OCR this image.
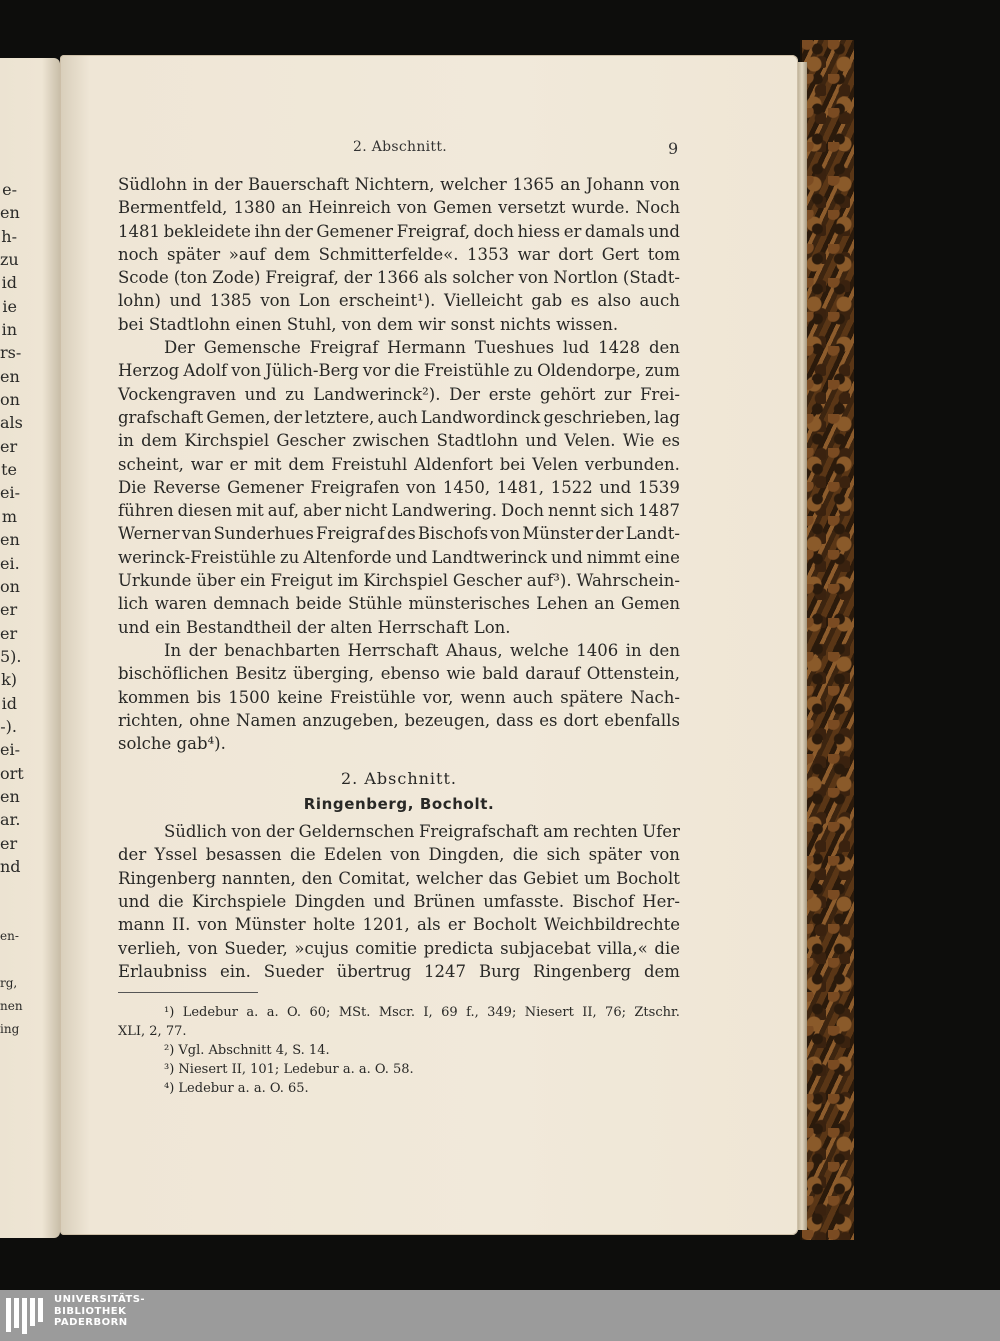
e-
en
h-
zu
id
ie
in
rs-
en
on
als
er
te
ei-
m
en
ei.
on
er
er
5).
k)
id
-).
ei-
ort
en
ar.
er
nd
en-
rg,
nen
ing
2. Abschnitt.	9
Südlohn in der Bauerschaft Nichtern, welcher 1365 an Johann von
Bermentfeld, 1380 an Heinreich von Gemen versetzt wurde. Noch
1481 bekleidete ihn der Gemener Freigraf, doch hiess er damals und
noch später »auf dem Schmitterfelde«. 1353 war dort Gert tom
Scode (ton Zode) Freigraf, der 1366 als solcher von Nortlon (Stadt-
lohn) und 1385 von Lon erscheint¹). Vielleicht gab es also auch
bei Stadtlohn einen Stuhl, von dem wir sonst nichts wissen.
Der Gemensche Freigraf Hermann Tueshues lud 1428 den
Herzog Adolf von Jülich-Berg vor die Freistühle zu Oldendorpe, zum
Vockengraven und zu Landwerinck²). Der erste gehört zur Frei-
grafschaft Gemen, der letztere, auch Landwordinck geschrieben, lag
in dem Kirchspiel Gescher zwischen Stadtlohn und Velen. Wie es
scheint, war er mit dem Freistuhl Aldenfort bei Velen verbunden.
Die Reverse Gemener Freigrafen von 1450, 1481, 1522 und 1539
führen diesen mit auf, aber nicht Landwering. Doch nennt sich 1487
Werner van Sunderhues Freigraf des Bischofs von Münster der Landt-
werinck-Freistühle zu Altenforde und Landtwerinck und nimmt eine
Urkunde über ein Freigut im Kirchspiel Gescher auf³). Wahrschein-
lich waren demnach beide Stühle münsterisches Lehen an Gemen
und ein Bestandtheil der alten Herrschaft Lon.
In der benachbarten Herrschaft Ahaus, welche 1406 in den
bischöflichen Besitz überging, ebenso wie bald darauf Ottenstein,
kommen bis 1500 keine Freistühle vor, wenn auch spätere Nach-
richten, ohne Namen anzugeben, bezeugen, dass es dort ebenfalls
solche gab⁴).
2. Abschnitt.
Ringenberg, Bocholt.
Südlich von der Geldernschen Freigrafschaft am rechten Ufer
der Yssel besassen die Edelen von Dingden, die sich später von
Ringenberg nannten, den Comitat, welcher das Gebiet um Bocholt
und die Kirchspiele Dingden und Brünen umfasste. Bischof Her-
mann II. von Münster holte 1201, als er Bocholt Weichbildrechte
verlieh, von Sueder, »cujus comitie predicta subjacebat villa,« die
Erlaubniss ein. Sueder übertrug 1247 Burg Ringenberg dem
¹) Ledebur a. a. O. 60; MSt. Mscr. I, 69 f., 349; Niesert II, 76; Ztschr.
XLI, 2, 77.
²) Vgl. Abschnitt 4, S. 14.
³) Niesert II, 101; Ledebur a. a. O. 58.
⁴) Ledebur a. a. O. 65.
UNIVERSITÄTS-
BIBLIOTHEK
PADERBORN
